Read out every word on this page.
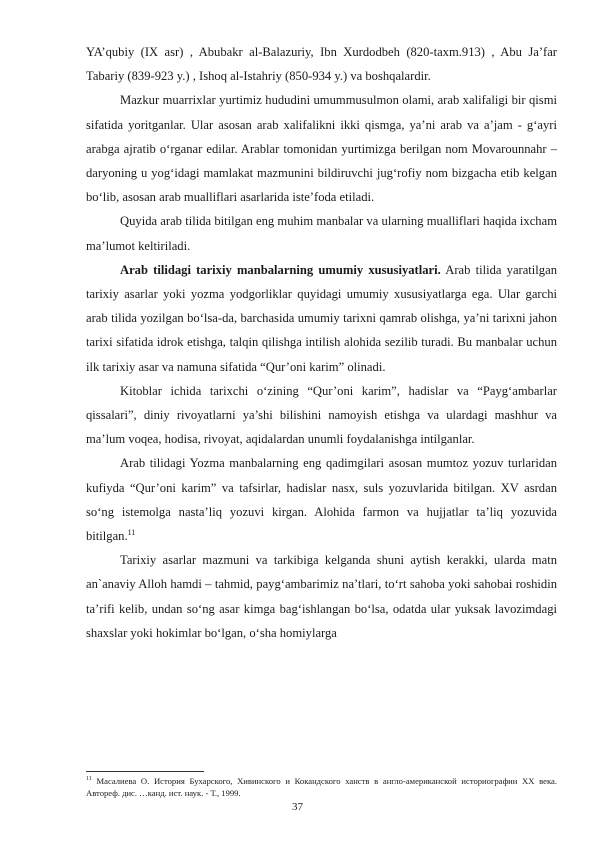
YA’qubiy (IX asr) , Abubakr al-Balazuriy, Ibn Xurdodbeh (820-taxm.913) , Abu Ja’far Tabariy (839-923 y.) , Ishoq al-Istahriy (850-934 y.) va boshqalardir.

Mazkur muarrixlar yurtimiz hududini umummusulmon olami, arab xalifaligi bir qismi sifatida yoritganlar. Ular asosan arab xalifalikni ikki qismga, ya’ni arab va a’jam - g‘ayri arabga ajratib o‘rganar edilar. Arablar tomonidan yurtimizga berilgan nom Movarounnahr – daryoning u yog‘idagi mamlakat mazmunini bildiruvchi jug‘rofiy nom bizgacha etib kelgan bo‘lib, asosan arab mualliflari asarlarida iste’foda etiladi.

Quyida arab tilida bitilgan eng muhim manbalar va ularning mualliflari haqida ixcham ma’lumot keltiriladi.

Arab tilidagi tarixiy manbalarning umumiy xususiyatlari. Arab tilida yaratilgan tarixiy asarlar yoki yozma yodgorliklar quyidagi umumiy xususiyatlarga ega. Ular garchi arab tilida yozilgan bo‘lsa-da, barchasida umumiy tarixni qamrab olishga, ya’ni tarixni jahon tarixi sifatida idrok etishga, talqin qilishga intilish alohida sezilib turadi. Bu manbalar uchun ilk tarixiy asar va namuna sifatida “Qur’oni karim” olinadi.

Kitoblar ichida tarixchi o‘zining “Qur’oni karim”, hadislar va “Payg‘ambarlar qissalari”, diniy rivoyatlarni ya’shi bilishini namoyish etishga va ulardagi mashhur va ma’lum voqea, hodisa, rivoyat, aqidalardan unumli foydalanishga intilganlar.

Arab tilidagi Yozma manbalarning eng qadimgilari asosan mumtoz yozuv turlaridan kufiyda “Qur’oni karim” va tafsirlar, hadislar nasx, suls yozuvlarida bitilgan. XV asrdan so‘ng istemolga nasta’liq yozuvi kirgan. Alohida farmon va hujjatlar ta’liq yozuvida bitilgan.$^{11}$

Tarixiy asarlar mazmuni va tarkibiga kelganda shuni aytish kerakki, ularda matn an`anaviy Alloh hamdi – tahmid, payg‘ambarimiz na’tlari, to‘rt sahoba yoki sahobai roshidin ta’rifi kelib, undan so‘ng asar kimga bag‘ishlangan bo‘lsa, odatda ular yuksak lavozimdagi shaxslar yoki hokimlar bo‘lgan, o‘sha homiylarga

$^{11}$ Масалиева О. История Бухарского, Хивинского и Кокандского ханств в англо-американской историографии ХХ века. Автореф. дис. …канд. ист. наук. - Т., 1999.

37
